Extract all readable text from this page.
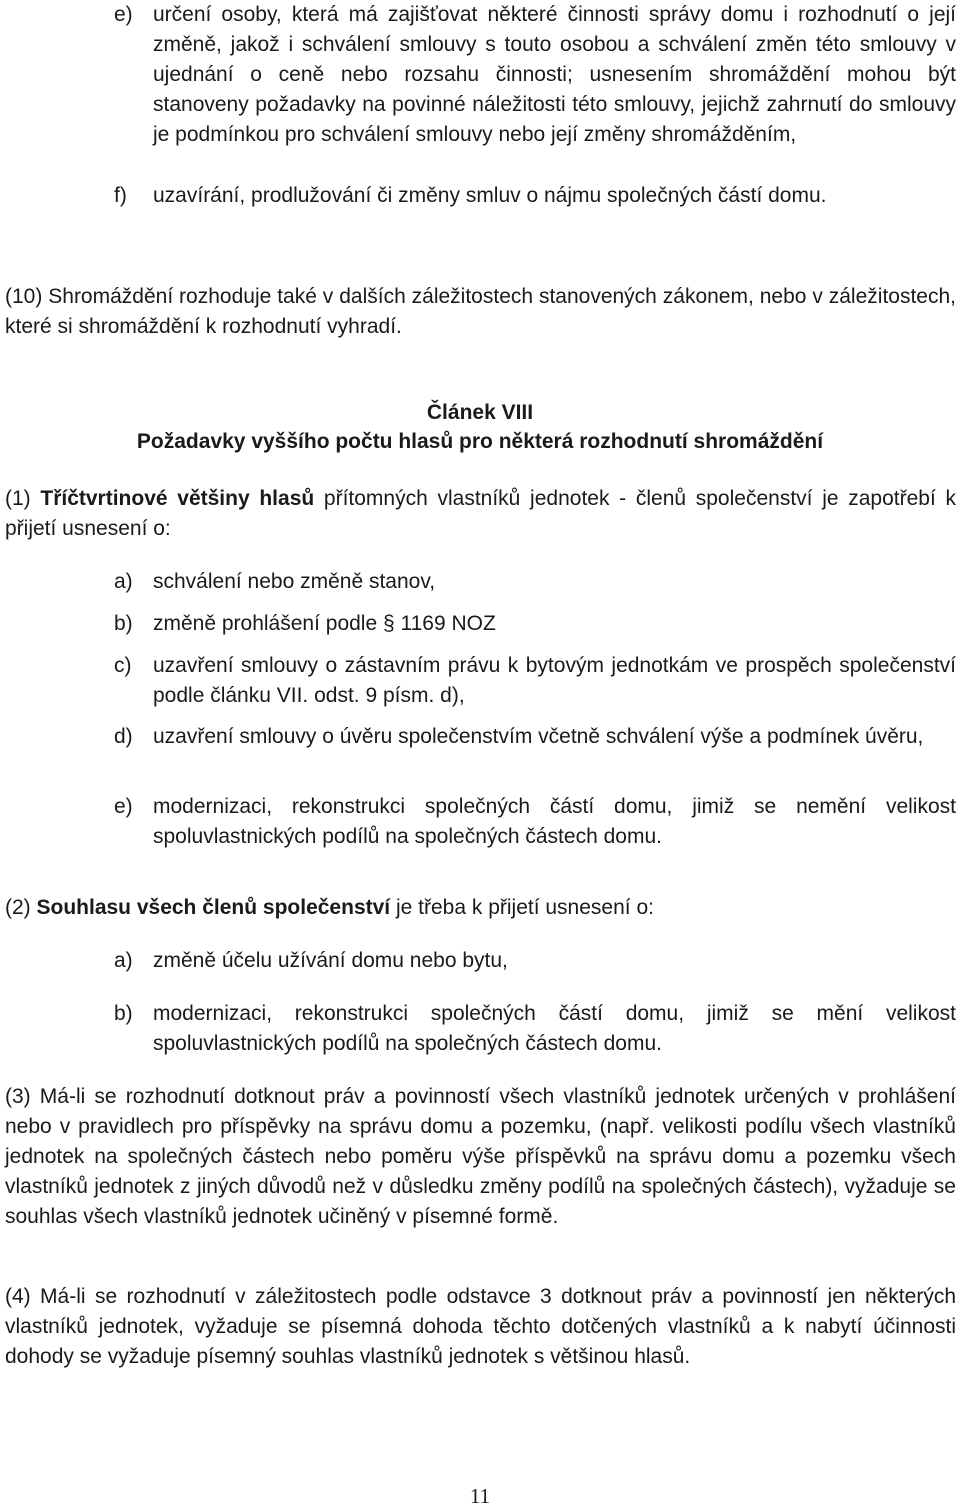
e) určení osoby, která má zajišťovat některé činnosti správy domu i rozhodnutí o její změně, jakož i schválení smlouvy s touto osobou a schválení změn této smlouvy v ujednání o ceně nebo rozsahu činnosti; usnesením shromáždění mohou být stanoveny požadavky na povinné náležitosti této smlouvy, jejichž zahrnutí do smlouvy je podmínkou pro schválení smlouvy nebo její změny shromážděním,
f) uzavírání, prodlužování či změny smluv o nájmu společných částí domu.
(10) Shromáždění rozhoduje také v dalších záležitostech stanovených zákonem, nebo v záležitostech, které si shromáždění k rozhodnutí vyhradí.
Článek VIII
Požadavky vyššího počtu hlasů pro některá rozhodnutí shromáždění
(1) Tříčtvrtinové většiny hlasů přítomných vlastníků jednotek - členů společenství je zapotřebí k přijetí usnesení o:
a) schválení nebo změně stanov,
b) změně prohlášení podle § 1169 NOZ
c) uzavření smlouvy o zástavním právu k bytovým jednotkám ve prospěch společenství podle článku VII. odst. 9 písm. d),
d) uzavření smlouvy o úvěru společenstvím včetně schválení výše a podmínek úvěru,
e) modernizaci, rekonstrukci společných částí domu, jimiž se nemění velikost spoluvlastnických podílů na společných částech domu.
(2) Souhlasu všech členů společenství je třeba k přijetí usnesení o:
a) změně účelu užívání domu nebo bytu,
b) modernizaci, rekonstrukci společných částí domu, jimiž se mění velikost spoluvlastnických podílů na společných částech domu.
(3) Má-li se rozhodnutí dotknout práv a povinností všech vlastníků jednotek určených v prohlášení nebo v pravidlech pro příspěvky na správu domu a pozemku, (např. velikosti podílu všech vlastníků jednotek na společných částech nebo poměru výše příspěvků na správu domu a pozemku všech vlastníků jednotek z jiných důvodů než v důsledku změny podílů na společných částech), vyžaduje se souhlas všech vlastníků jednotek učiněný v písemné formě.
(4) Má-li se rozhodnutí v záležitostech podle odstavce 3 dotknout práv a povinností jen některých vlastníků jednotek, vyžaduje se písemná dohoda těchto dotčených vlastníků a k nabytí účinnosti dohody se vyžaduje písemný souhlas vlastníků jednotek s většinou hlasů.
11
